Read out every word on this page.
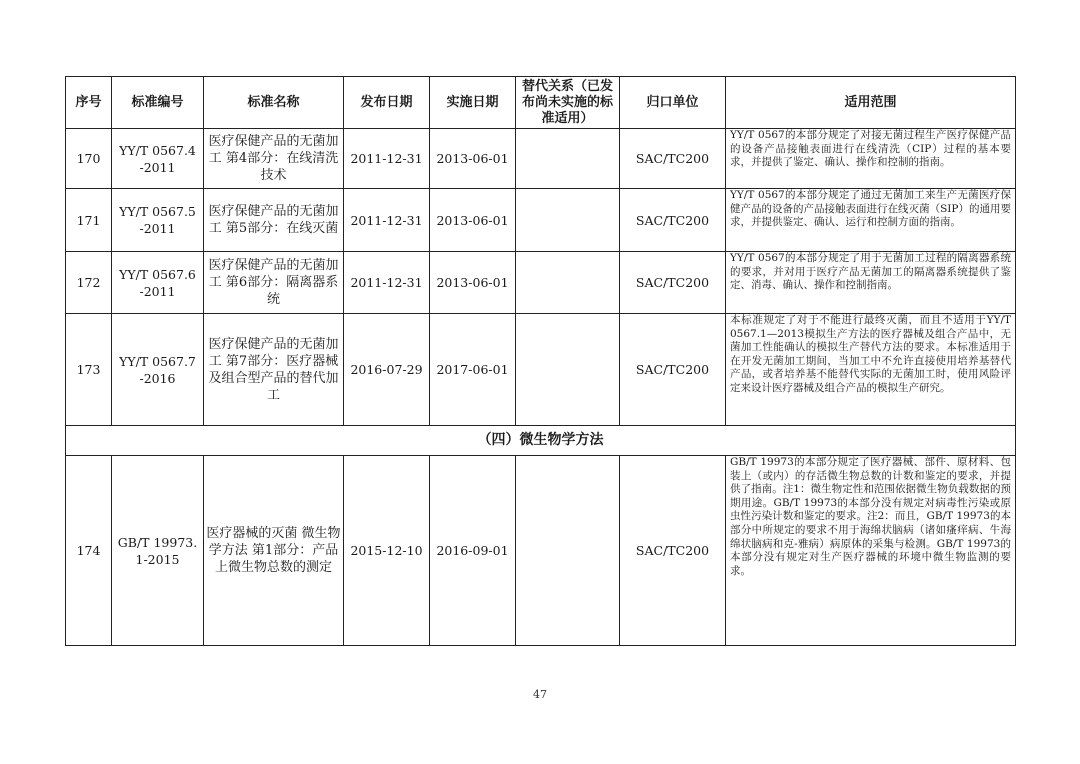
序号	标准编号	标准名称	发布日期	实施日期	替代关系（已发布尚未实施的标准适用）	归口单位	适用范围
170	YY/T 0567.4 -2011	医疗保健产品的无菌加工 第4部分：在线清洗技术	2011-12-31	2013-06-01		SAC/TC200	YY/T 0567的本部分规定了对接无菌过程生产医疗保健产品的设备产品接触表面进行在线清洗（CIP）过程的基本要求，并提供了鉴定、确认、操作和控制的指南。
171	YY/T 0567.5 -2011	医疗保健产品的无菌加工 第5部分：在线灭菌	2011-12-31	2013-06-01		SAC/TC200	YY/T 0567的本部分规定了通过无菌加工来生产无菌医疗保健产品的设备的产品接触表面进行在线灭菌（SIP）的通用要求，并提供鉴定、确认、运行和控制方面的指南。
172	YY/T 0567.6 -2011	医疗保健产品的无菌加工 第6部分：隔离器系统	2011-12-31	2013-06-01		SAC/TC200	YY/T 0567的本部分规定了用于无菌加工过程的隔离器系统的要求，并对用于医疗产品无菌加工的隔离器系统提供了鉴定、消毒、确认、操作和控制指南。
173	YY/T 0567.7 -2016	医疗保健产品的无菌加工 第7部分：医疗器械及组合型产品的替代加工	2016-07-29	2017-06-01		SAC/TC200	本标准规定了对于不能进行最终灭菌，而且不适用于YY/T 0567.1—2013模拟生产方法的医疗器械及组合产品中，无菌加工性能确认的模拟生产替代方法的要求。本标准适用于在开发无菌加工期间，当加工中不允许直接使用培养基替代产品，或者培养基不能替代实际的无菌加工时，使用风险评定来设计医疗器械及组合产品的模拟生产研究。
（四）微生物学方法							
174	GB/T 19973. 1-2015	医疗器械的灭菌 微生物学方法 第1部分：产品上微生物总数的测定	2015-12-10	2016-09-01		SAC/TC200	GB/T 19973的本部分规定了医疗器械、部件、原材料、包装上（或内）的存活微生物总数的计数和鉴定的要求，并提供了指南。注1：微生物定性和范围依据微生物负载数据的预期用途。GB/T 19973的本部分没有规定对病毒性污染或原虫性污染计数和鉴定的要求。注2：而且，GB/T 19973的本部分中所规定的要求不用于海绵状脑病（诸如瘙痒病、牛海绵状脑病和克-雅病）病原体的采集与检测。GB/T 19973的本部分没有规定对生产医疗器械的环境中微生物监测的要求。
47
